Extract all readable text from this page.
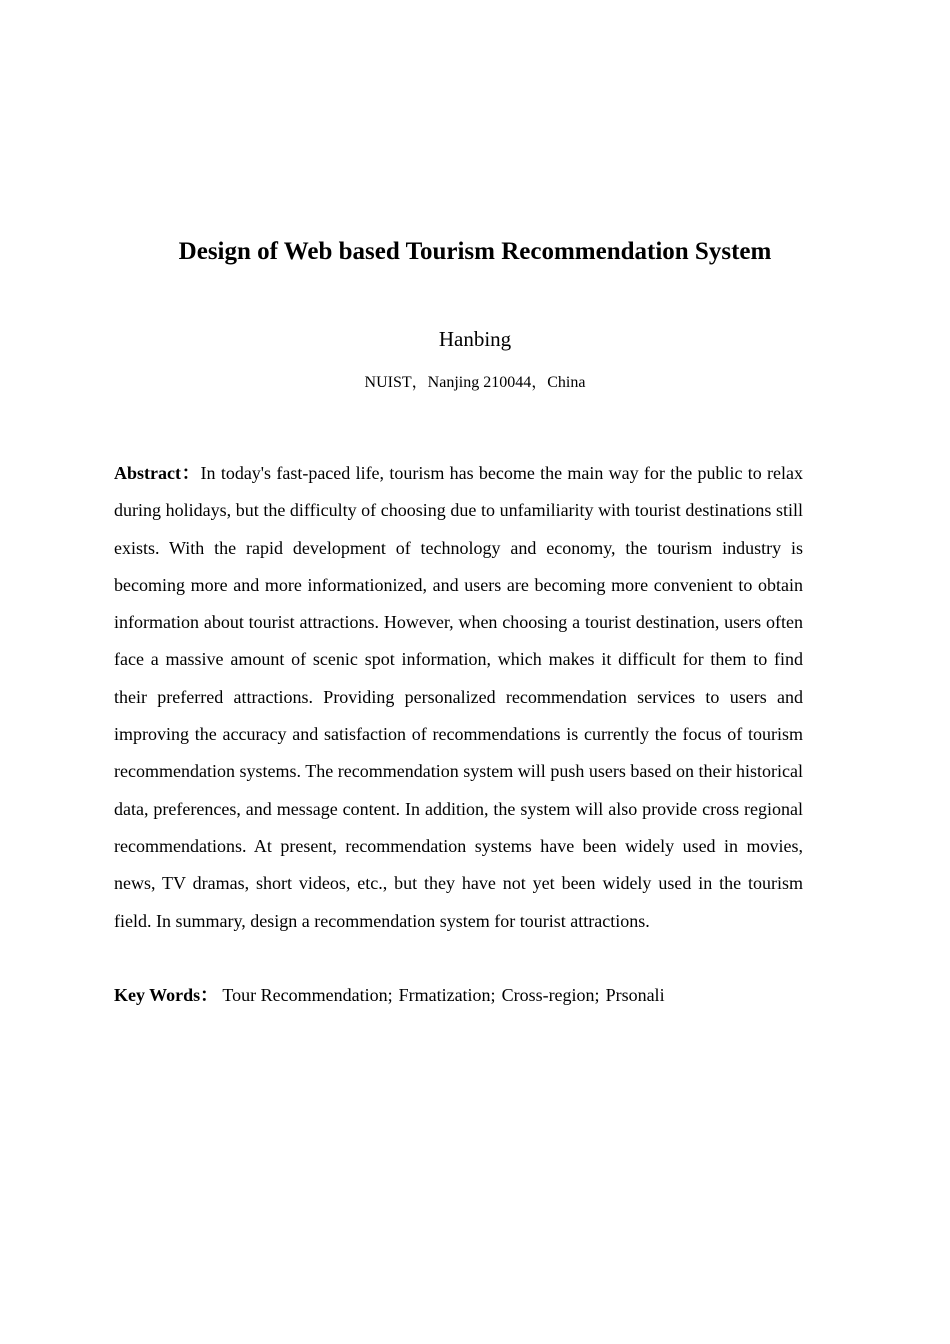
Design of Web based Tourism Recommendation System
Hanbing
NUIST，Nanjing 210044，China

Abstract：In today's fast-paced life, tourism has become the main way for the public to relax during holidays, but the difficulty of choosing due to unfamiliarity with tourist destinations still exists. With the rapid development of technology and economy, the tourism industry is becoming more and more informationized, and users are becoming more convenient to obtain information about tourist attractions. However, when choosing a tourist destination, users often face a massive amount of scenic spot information, which makes it difficult for them to find their preferred attractions. Providing personalized recommendation services to users and improving the accuracy and satisfaction of recommendations is currently the focus of tourism recommendation systems. The recommendation system will push users based on their historical data, preferences, and message content. In addition, the system will also provide cross regional recommendations. At present, recommendation systems have been widely used in movies, news, TV dramas, short videos, etc., but they have not yet been widely used in the tourism field. In summary, design a recommendation system for tourist attractions.

Key Words： Tour Recommendation; Frmatization; Cross-region; Prsonali
